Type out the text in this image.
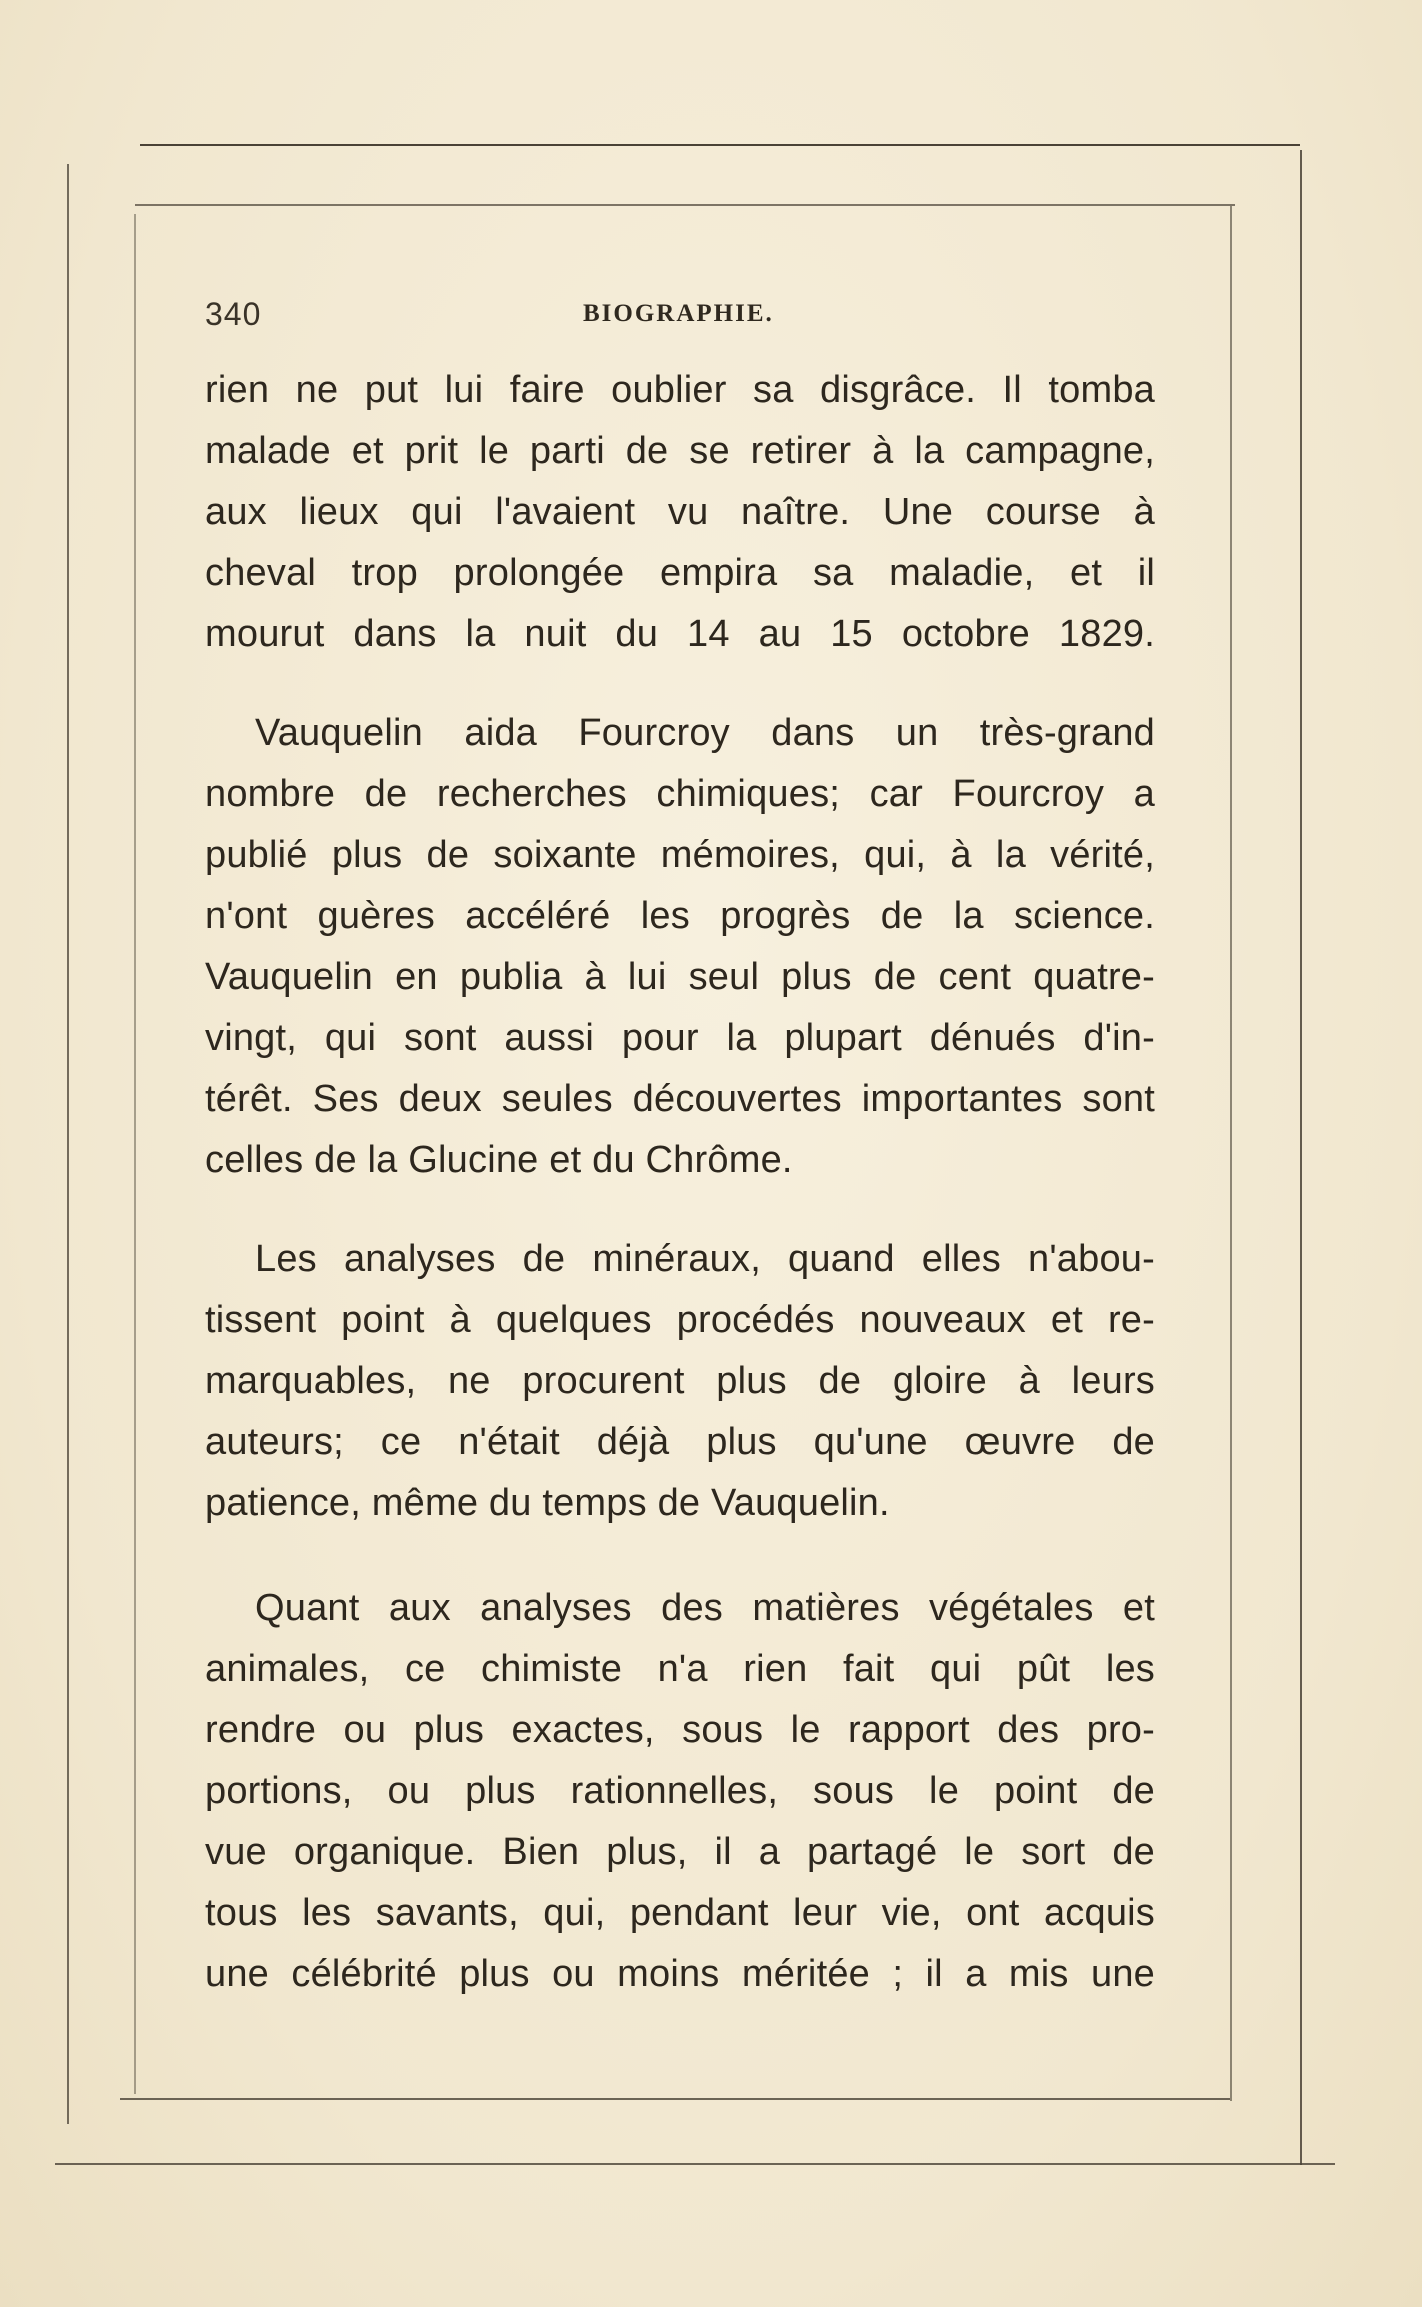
340	BIOGRAPHIE.
rien ne put lui faire oublier sa disgrâce. Il tomba
malade et prit le parti de se retirer à la campagne,
aux lieux qui l'avaient vu naître. Une course à
cheval trop prolongée empira sa maladie, et il
mourut dans la nuit du 14 au 15 octobre 1829.
Vauquelin aida Fourcroy dans un très-grand
nombre de recherches chimiques; car Fourcroy a
publié plus de soixante mémoires, qui, à la vérité,
n'ont guères accéléré les progrès de la science.
Vauquelin en publia à lui seul plus de cent quatre-
vingt, qui sont aussi pour la plupart dénués d'in-
térêt. Ses deux seules découvertes importantes sont
celles de la Glucine et du Chrôme.
Les analyses de minéraux, quand elles n'abou-
tissent point à quelques procédés nouveaux et re-
marquables, ne procurent plus de gloire à leurs
auteurs; ce n'était déjà plus qu'une œuvre de
patience, même du temps de Vauquelin.
Quant aux analyses des matières végétales et
animales, ce chimiste n'a rien fait qui pût les
rendre ou plus exactes, sous le rapport des pro-
portions, ou plus rationnelles, sous le point de
vue organique. Bien plus, il a partagé le sort de
tous les savants, qui, pendant leur vie, ont acquis
une célébrité plus ou moins méritée ; il a mis une
